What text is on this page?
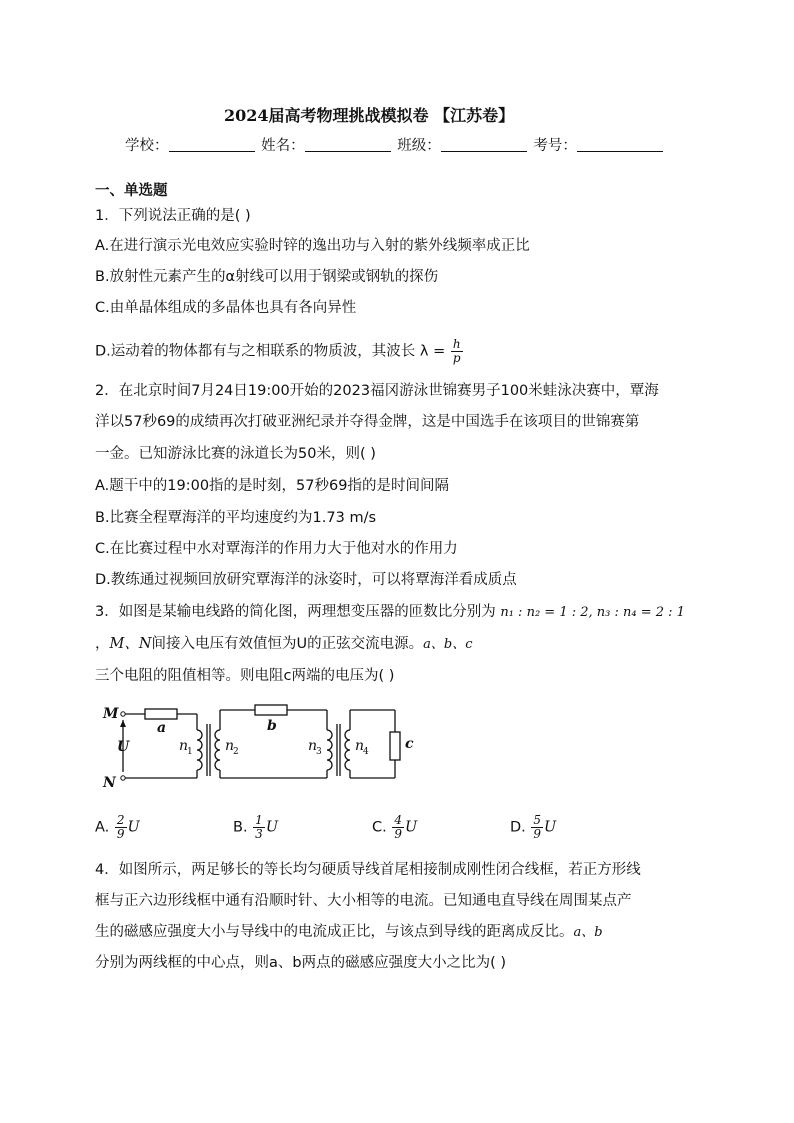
2024届高考物理挑战模拟卷 【江苏卷】
学校：	姓名：	班级：	考号：
一、单选题
1．下列说法正确的是( )
A.在进行演示光电效应实验时锌的逸出功与入射的紫外线频率成正比
B.放射性元素产生的α射线可以用于钢梁或钢轨的探伤
C.由单晶体组成的多晶体也具有各向异性
D.运动着的物体都有与之相联系的物质波，其波长 $\lambda = \frac{h}{p}$
2．在北京时间7月24日19:00开始的2023福冈游泳世锦赛男子100米蛙泳决赛中，覃海
洋以57秒69的成绩再次打破亚洲纪录并夺得金牌，这是中国选手在该项目的世锦赛第
一金。已知游泳比赛的泳道长为50米，则( )
A.题干中的19:00指的是时刻，57秒69指的是时间间隔
B.比赛全程覃海洋的平均速度约为1.73 m/s
C.在比赛过程中水对覃海洋的作用力大于他对水的作用力
D.教练通过视频回放研究覃海洋的泳姿时，可以将覃海洋看成质点
3．如图是某输电线路的简化图，两理想变压器的匝数比分别为 n₁ : n₂ = 1 : 2, n₃ : n₄ = 2 : 1
，M、N间接入电压有效值恒为U的正弦交流电源。a、b、c
三个电阻的阻值相等。则电阻c两端的电压为( )
M
N
U
a	b
c
n	n	n	n
1	2	3	4
A. $\frac{2}{9}$ U	B. $\frac{1}{3}$ U	C. $\frac{4}{9}$ U	D. $\frac{5}{9}$ U
4．如图所示，两足够长的等长均匀硬质导线首尾相接制成刚性闭合线框，若正方形线
框与正六边形线框中通有沿顺时针、大小相等的电流。已知通电直导线在周围某点产
生的磁感应强度大小与导线中的电流成正比，与该点到导线的距离成反比。a、b
分别为两线框的中心点，则a、b两点的磁感应强度大小之比为( )
